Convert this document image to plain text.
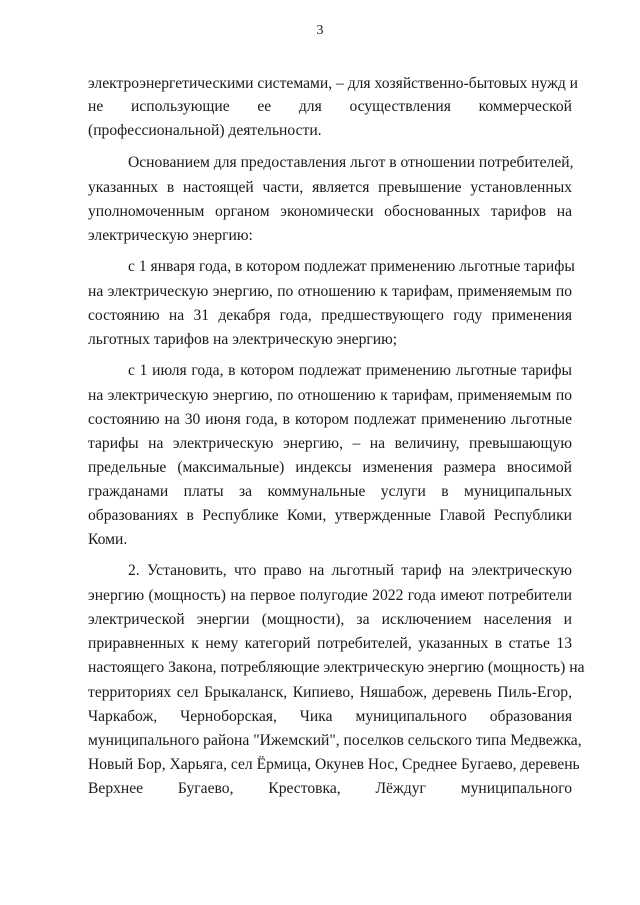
3
электроэнергетическими системами, – для хозяйственно-бытовых нужд и
не использующие ее для осуществления коммерческой
(профессиональной) деятельности.
Основанием для предоставления льгот в отношении потребителей,
указанных в настоящей части, является превышение установленных
уполномоченным органом экономически обоснованных тарифов на
электрическую энергию:
с 1 января года, в котором подлежат применению льготные тарифы
на электрическую энергию, по отношению к тарифам, применяемым по
состоянию на 31 декабря года, предшествующего году применения
льготных тарифов на электрическую энергию;
с 1 июля года, в котором подлежат применению льготные тарифы
на электрическую энергию, по отношению к тарифам, применяемым по
состоянию на 30 июня года, в котором подлежат применению льготные
тарифы на электрическую энергию, – на величину, превышающую
предельные (максимальные) индексы изменения размера вносимой
гражданами платы за коммунальные услуги в муниципальных
образованиях в Республике Коми, утвержденные Главой Республики
Коми.
2. Установить, что право на льготный тариф на электрическую
энергию (мощность) на первое полугодие 2022 года имеют потребители
электрической энергии (мощности), за исключением населения и
приравненных к нему категорий потребителей, указанных в статье 13
настоящего Закона, потребляющие электрическую энергию (мощность) на
территориях сел Брыкаланск, Кипиево, Няшабож, деревень Пиль-Егор,
Чаркабож, Черноборская, Чика муниципального образования
муниципального района "Ижемский", поселков сельского типа Медвежка,
Новый Бор, Харьяга, сел Ёрмица, Окунев Нос, Среднее Бугаево, деревень
Верхнее Бугаево, Крестовка, Лёждуг муниципального
